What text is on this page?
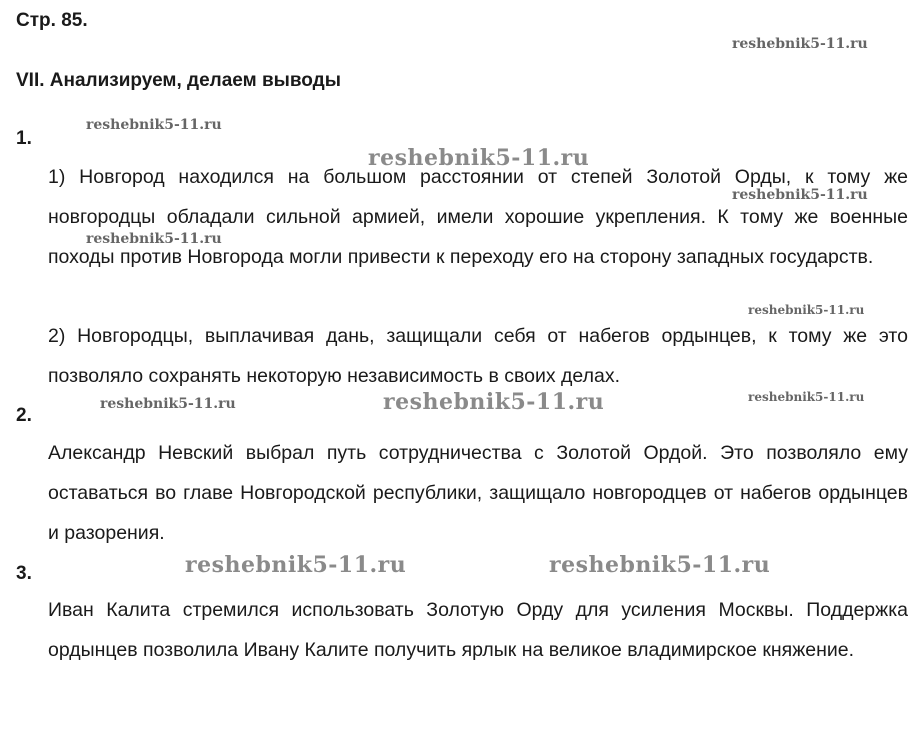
Стр. 85.
VII. Анализируем, делаем выводы
1.
1) Новгород находился на большом расстоянии от степей Золотой Орды, к тому же новгородцы обладали сильной армией, имели хорошие укрепления. К тому же военные походы против Новгорода могли привести к переходу его на сторону западных государств.
2) Новгородцы, выплачивая дань, защищали себя от набегов ордынцев, к тому же это позволяло сохранять некоторую независимость в своих делах.
2.
Александр Невский выбрал путь сотрудничества с Золотой Ордой. Это позволяло ему оставаться во главе Новгородской республики, защищало новгородцев от набегов ордынцев и разорения.
3.
Иван Калита стремился использовать Золотую Орду для усиления Москвы. Поддержка ордынцев позволила Ивану Калите получить ярлык на великое владимирское княжение.
reshebnik5-11.ru
reshebnik5-11.ru
reshebnik5-11.ru
reshebnik5-11.ru
reshebnik5-11.ru
reshebnik5-11.ru
reshebnik5-11.ru	reshebnik5-11.ru	reshebnik5-11.ru
reshebnik5-11.ru	reshebnik5-11.ru
